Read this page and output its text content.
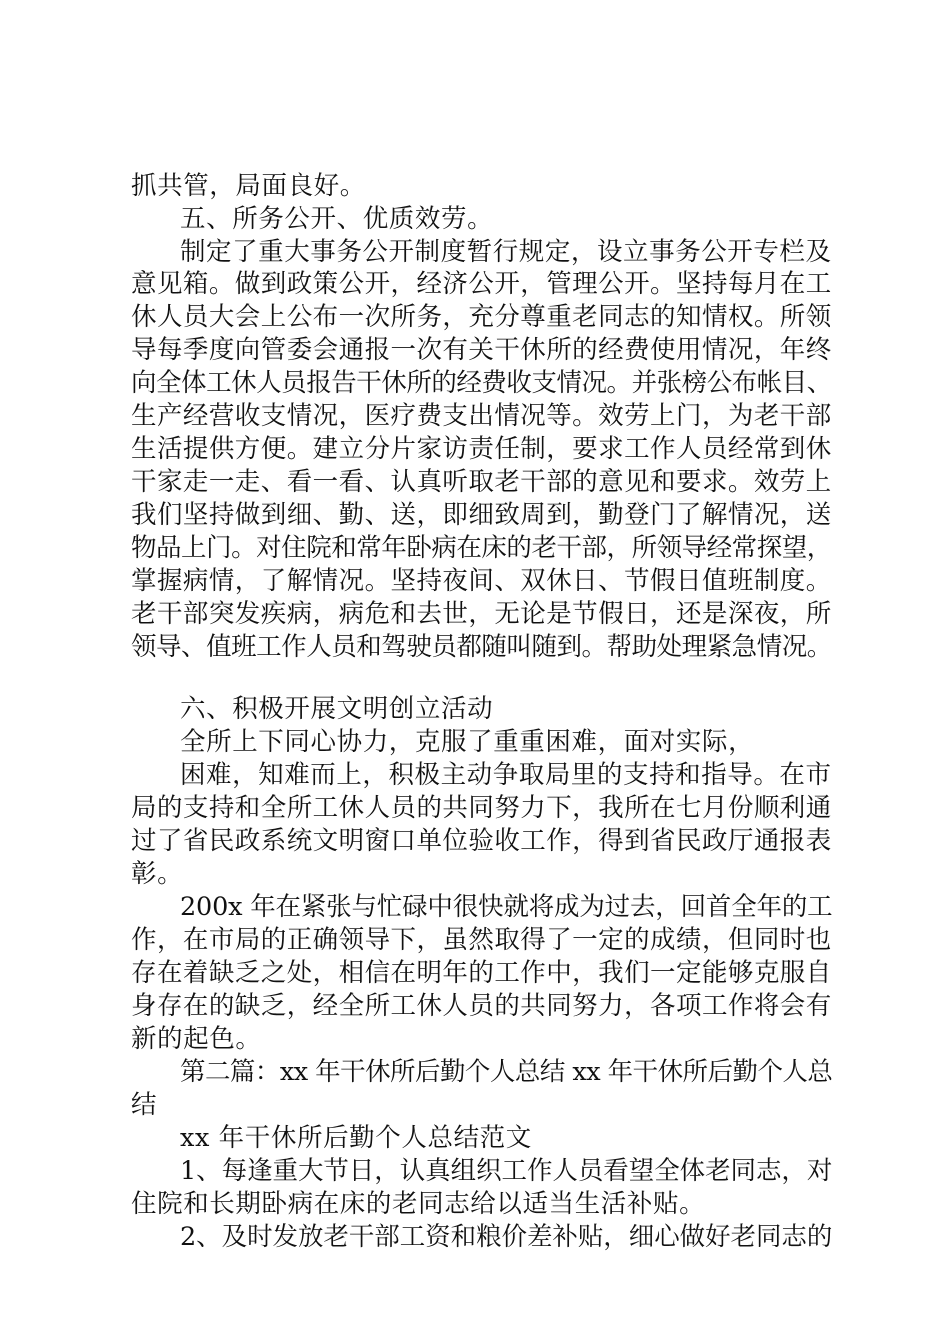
抓共管，局面良好。
五、所务公开、优质效劳。
制定了重大事务公开制度暂行规定，设立事务公开专栏及
意见箱。做到政策公开，经济公开，管理公开。坚持每月在工
休人员大会上公布一次所务，充分尊重老同志的知情权。所领
导每季度向管委会通报一次有关干休所的经费使用情况，年终
向全体工休人员报告干休所的经费收支情况。并张榜公布帐目、
生产经营收支情况，医疗费支出情况等。效劳上门，为老干部
生活提供方便。建立分片家访责任制，要求工作人员经常到休
干家走一走、看一看、认真听取老干部的意见和要求。效劳上
我们坚持做到细、勤、送，即细致周到，勤登门了解情况，送
物品上门。对住院和常年卧病在床的老干部，所领导经常探望，
掌握病情，了解情况。坚持夜间、双休日、节假日值班制度。
老干部突发疾病，病危和去世，无论是节假日，还是深夜，所
领导、值班工作人员和驾驶员都随叫随到。帮助处理紧急情况。
六、积极开展文明创立活动
全所上下同心协力，克服了重重困难，面对实际，
困难，知难而上，积极主动争取局里的支持和指导。在市
局的支持和全所工休人员的共同努力下，我所在七月份顺利通
过了省民政系统文明窗口单位验收工作，得到省民政厅通报表
彰。
200x 年在紧张与忙碌中很快就将成为过去，回首全年的工
作，在市局的正确领导下，虽然取得了一定的成绩，但同时也
存在着缺乏之处，相信在明年的工作中，我们一定能够克服自
身存在的缺乏，经全所工休人员的共同努力，各项工作将会有
新的起色。
第二篇：xx 年干休所后勤个人总结 xx 年干休所后勤个人总
结
xx 年干休所后勤个人总结范文
1、每逢重大节日，认真组织工作人员看望全体老同志，对
住院和长期卧病在床的老同志给以适当生活补贴。
2、及时发放老干部工资和粮价差补贴，细心做好老同志的
